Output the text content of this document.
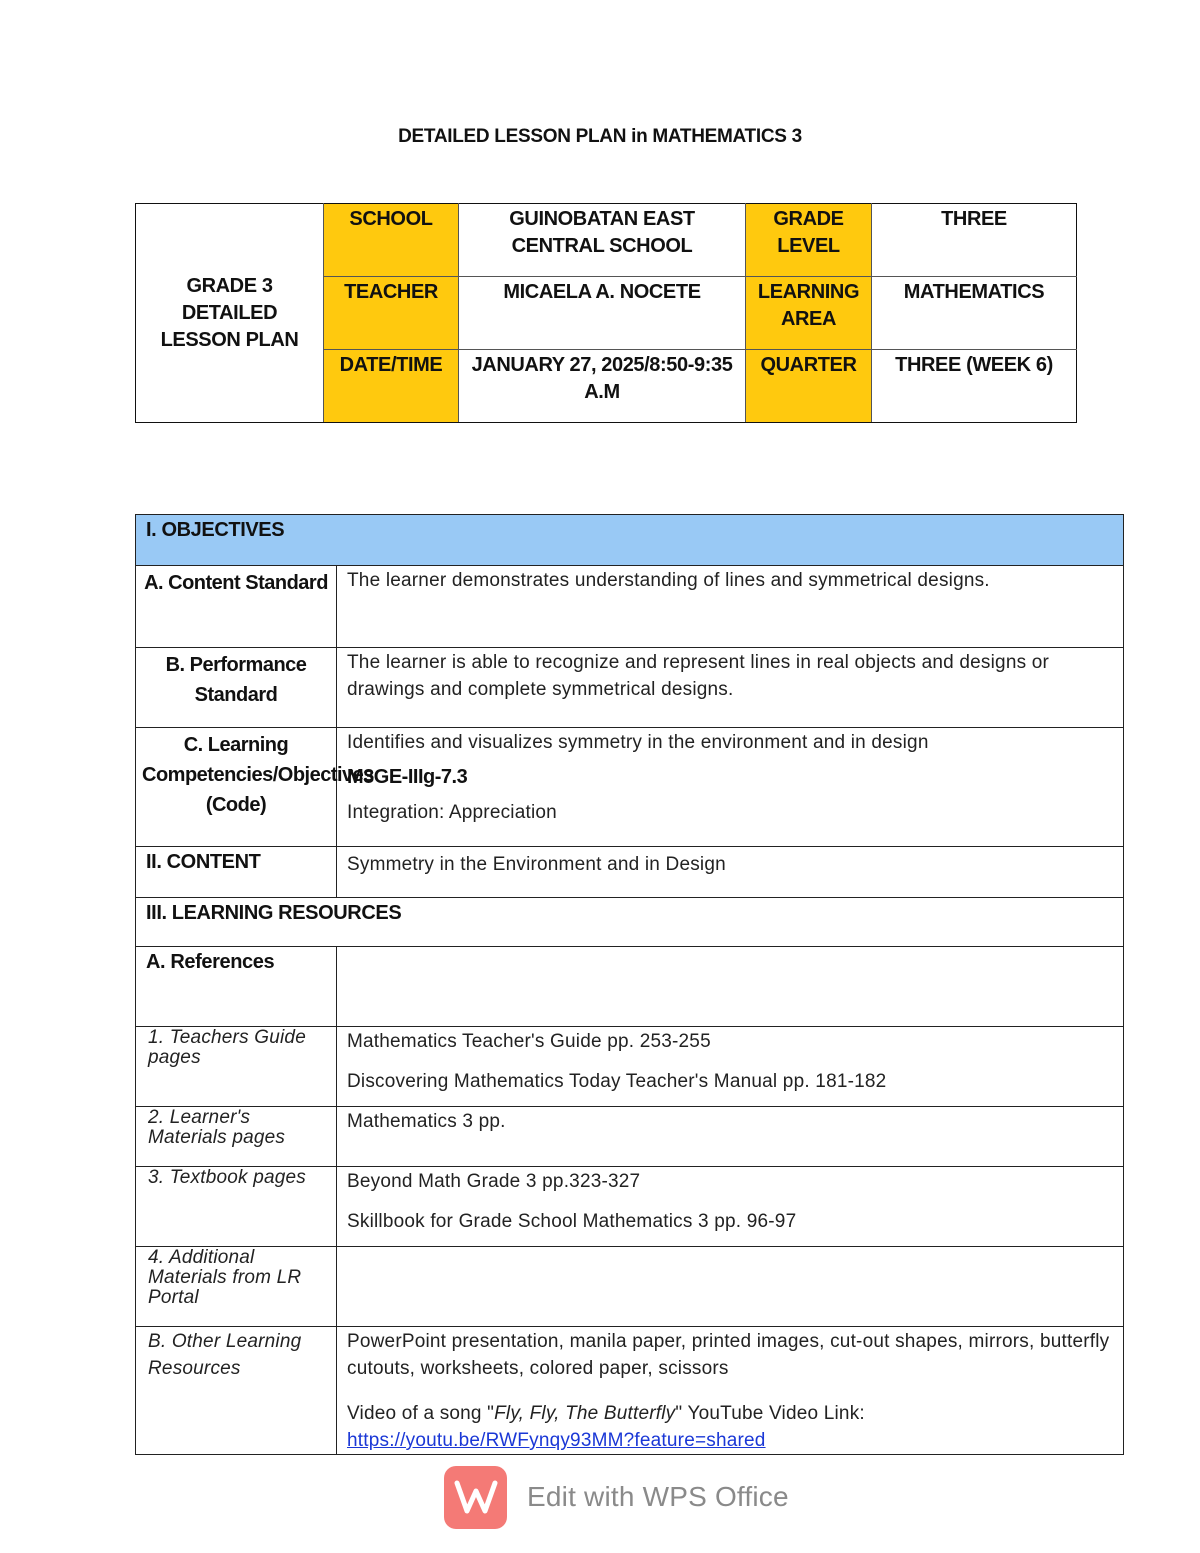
DETAILED LESSON PLAN in MATHEMATICS 3
GRADE 3 DETAILED LESSON PLAN	SCHOOL	GUINOBATAN EAST CENTRAL SCHOOL	GRADE LEVEL	THREE
	TEACHER	MICAELA A. NOCETE	LEARNING AREA	MATHEMATICS
	DATE/TIME	JANUARY 27, 2025/8:50-9:35 A.M	QUARTER	THREE (WEEK 6)
I. OBJECTIVES	
A. Content Standard	The learner demonstrates understanding of lines and symmetrical designs.
B. Performance Standard	The learner is able to recognize and represent lines in real objects and designs or drawings and complete symmetrical designs.
C. Learning Competencies/Objectives (Code)	Identifies and visualizes symmetry in the environment and in design

M3GE-IIIg-7.3

Integration: Appreciation

II. CONTENT	Symmetry in the Environment and in Design
III. LEARNING RESOURCES	
A. References	
1. Teachers Guide pages	Mathematics Teacher's Guide pp. 253-255

Discovering Mathematics Today Teacher's Manual pp. 181-182

2. Learner's Materials pages	Mathematics 3 pp.
3. Textbook pages	Beyond Math Grade 3 pp.323-327

Skillbook for Grade School Mathematics 3 pp. 96-97

4. Additional Materials from LR Portal	
B. Other Learning Resources	PowerPoint presentation, manila paper, printed images, cut-out shapes, mirrors, butterfly cutouts, worksheets, colored paper, scissors

Video of a song "Fly, Fly, The Butterfly" YouTube Video Link:
https://youtu.be/RWFynqy93MM?feature=shared

Edit with WPS Office
